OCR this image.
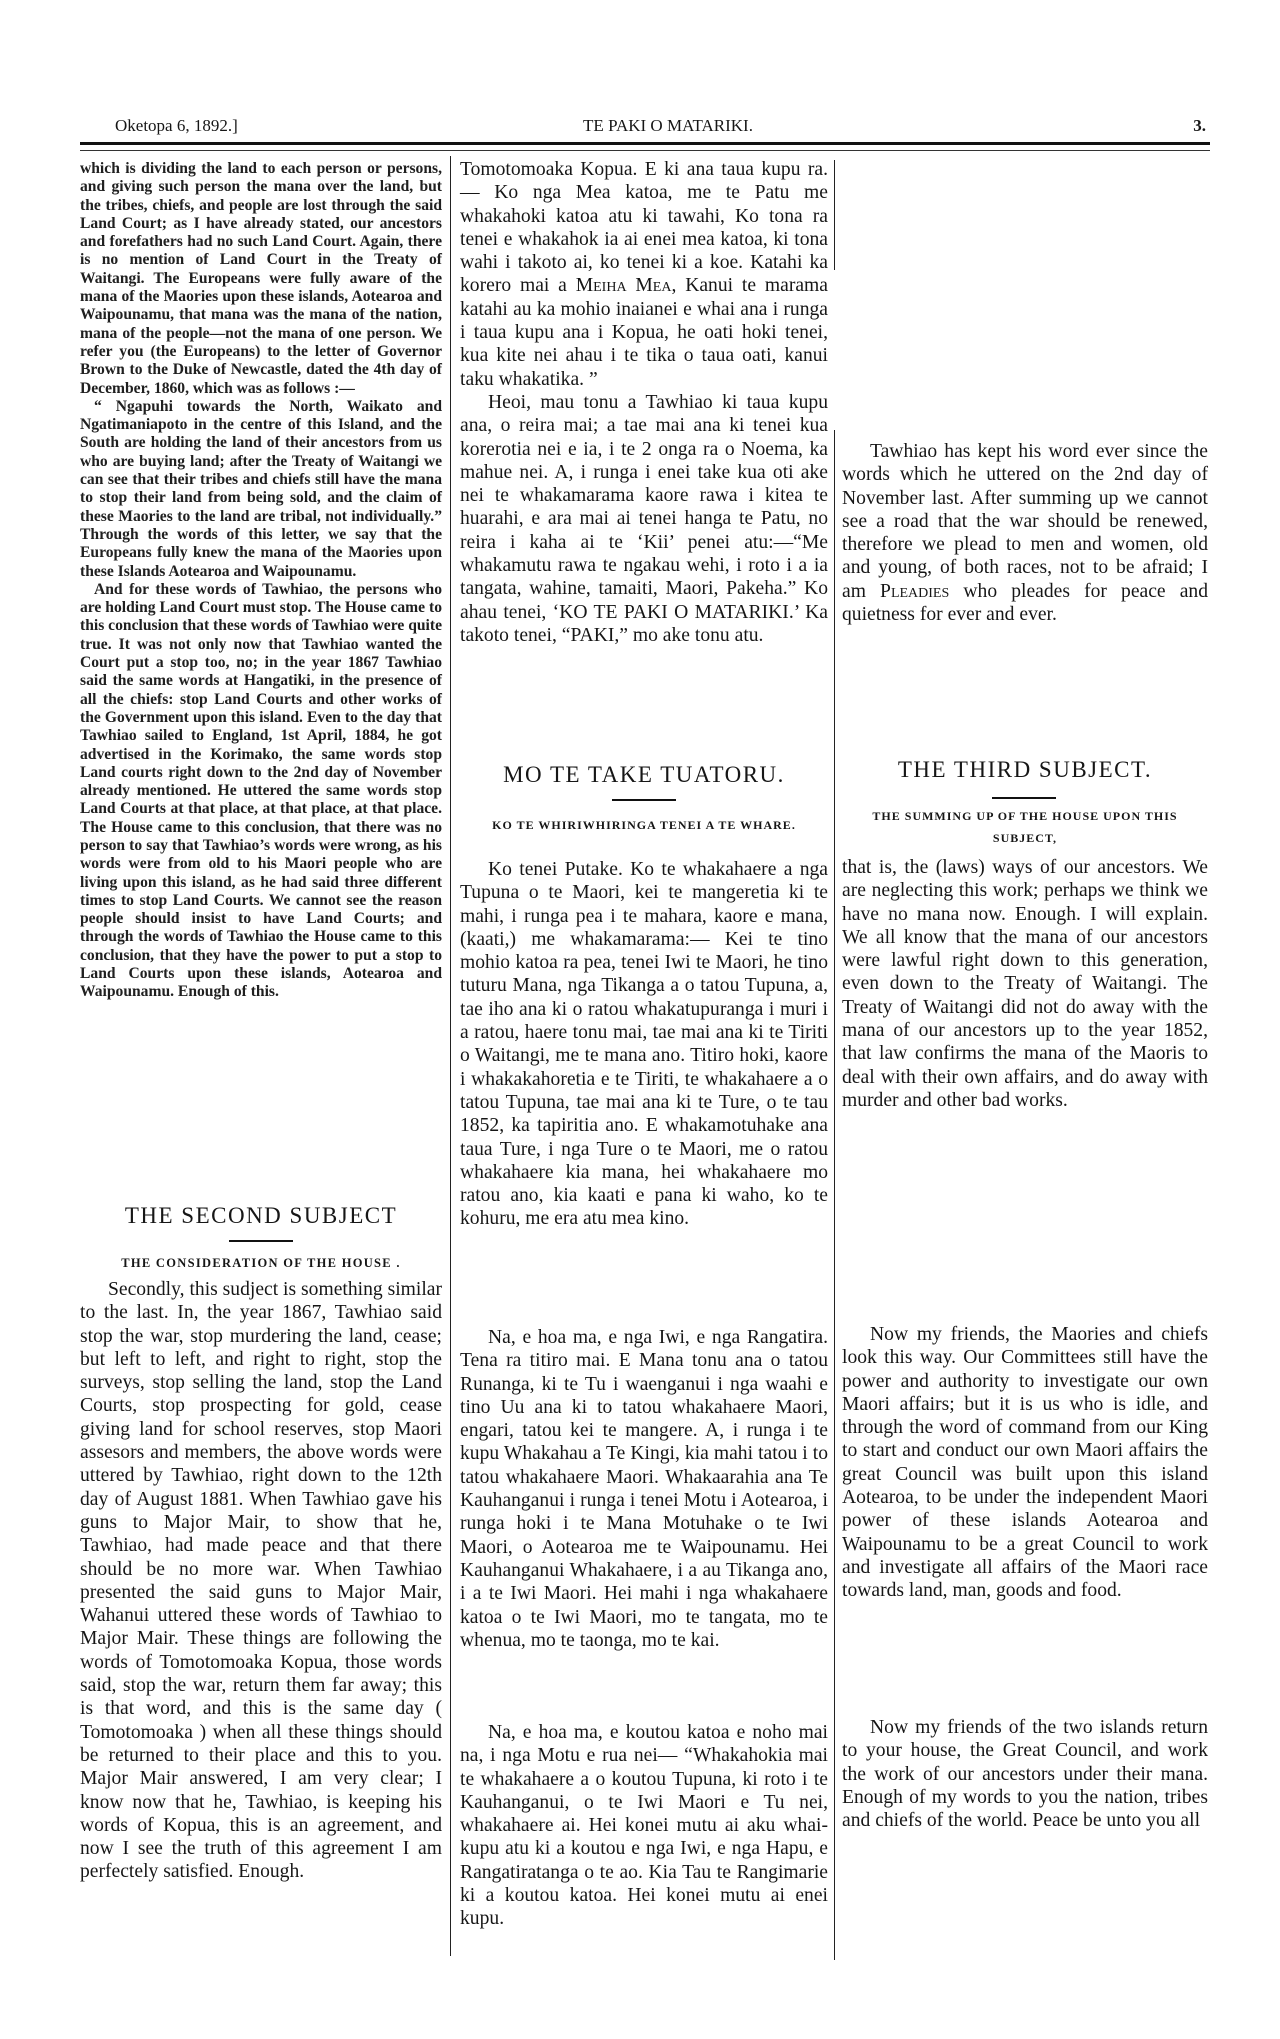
Oketopa 6, 1892.]	TE PAKI O MATARIKI.	3.

which is dividing the land to each person or persons, and giving such person the mana over the land, but the tribes, chiefs, and people are lost through the said Land Court; as I have already stated, our ancestors and forefathers had no such Land Court. Again, there is no mention of Land Court in the Treaty of Waitangi. The Europeans were fully aware of the mana of the Maories upon these islands, Aotearoa and Waipounamu, that mana was the mana of the nation, mana of the people—not the mana of one person. We refer you (the Europeans) to the letter of Governor Brown to the Duke of Newcastle, dated the 4th day of December, 1860, which was as follows :—

“ Ngapuhi towards the North, Waikato and Ngatimaniapoto in the centre of this Island, and the South are holding the land of their ancestors from us who are buying land; after the Treaty of Waitangi we can see that their tribes and chiefs still have the mana to stop their land from being sold, and the claim of these Maories to the land are tribal, not individually.” Through the words of this letter, we say that the Europeans fully knew the mana of the Maories upon these Islands Aotearoa and Waipounamu.

And for these words of Tawhiao, the persons who are holding Land Court must stop. The House came to this conclusion that these words of Tawhiao were quite true. It was not only now that Tawhiao wanted the Court put a stop too, no; in the year 1867 Tawhiao said the same words at Hangatiki, in the presence of all the chiefs: stop Land Courts and other works of the Government upon this island. Even to the day that Tawhiao sailed to England, 1st April, 1884, he got advertised in the Korimako, the same words stop Land courts right down to the 2nd day of November already mentioned. He uttered the same words stop Land Courts at that place, at that place, at that place. The House came to this conclusion, that there was no person to say that Tawhiao’s words were wrong, as his words were from old to his Maori people who are living upon this island, as he had said three different times to stop Land Courts. We cannot see the reason people should insist to have Land Courts; and through the words of Tawhiao the House came to this conclusion, that they have the power to put a stop to Land Courts upon these islands, Aotearoa and Waipounamu. Enough of this.

THE SECOND SUBJECT
THE CONSIDERATION OF THE HOUSE .

Secondly, this sudject is something similar to the last. In, the year 1867, Tawhiao said stop the war, stop murdering the land, cease; but left to left, and right to right, stop the surveys, stop selling the land, stop the Land Courts, stop prospecting for gold, cease giving land for school reserves, stop Maori assesors and members, the above words were uttered by Tawhiao, right down to the 12th day of August 1881. When Tawhiao gave his guns to Major Mair, to show that he, Tawhiao, had made peace and that there should be no more war. When Tawhiao presented the said guns to Major Mair, Wahanui uttered these words of Tawhiao to Major Mair. These things are following the words of Tomotomoaka Kopua, those words said, stop the war, return them far away; this is that word, and this is the same day ( Tomotomoaka ) when all these things should be returned to their place and this to you. Major Mair answered, I am very clear; I know now that he, Tawhiao, is keeping his words of Kopua, this is an agreement, and now I see the truth of this agreement I am perfectely satisfied. Enough.

Tomotomoaka Kopua. E ki ana taua kupu ra.— Ko nga Mea katoa, me te Patu me whakahoki katoa atu ki tawahi, Ko tona ra tenei e whakahok ia ai enei mea katoa, ki tona wahi i takoto ai, ko tenei ki a koe. Katahi ka korero mai a Meiha Mea, Kanui te marama katahi au ka mohio inaianei e whai ana i runga i taua kupu ana i Kopua, he oati hoki tenei, kua kite nei ahau i te tika o taua oati, kanui taku whakatika. ”

Heoi, mau tonu a Tawhiao ki taua kupu ana, o reira mai; a tae mai ana ki tenei kua korerotia nei e ia, i te 2 onga ra o Noema, ka mahue nei. A, i runga i enei take kua oti ake nei te whakamarama kaore rawa i kitea te huarahi, e ara mai ai tenei hanga te Patu, no reira i kaha ai te ‘Kii’ penei atu:—“Me whakamutu rawa te ngakau wehi, i roto i a ia tangata, wahine, tamaiti, Maori, Pakeha.” Ko ahau tenei, ‘KO TE PAKI O MATARIKI.’ Ka takoto tenei, “PAKI,” mo ake tonu atu.

MO TE TAKE TUATORU.
KO TE WHIRIWHIRINGA TENEI A TE WHARE.

Ko tenei Putake. Ko te whakahaere a nga Tupuna o te Maori, kei te mangeretia ki te mahi, i runga pea i te mahara, kaore e mana, (kaati,) me whakamarama:— Kei te tino mohio katoa ra pea, tenei Iwi te Maori, he tino tuturu Mana, nga Tikanga a o tatou Tupuna, a, tae iho ana ki o ratou whakatupuranga i muri i a ratou, haere tonu mai, tae mai ana ki te Tiriti o Waitangi, me te mana ano. Titiro hoki, kaore i whakakahoretia e te Tiriti, te whakahaere a o tatou Tupuna, tae mai ana ki te Ture, o te tau 1852, ka tapiritia ano. E whakamotuhake ana taua Ture, i nga Ture o te Maori, me o ratou whakahaere kia mana, hei whakahaere mo ratou ano, kia kaati e pana ki waho, ko te kohuru, me era atu mea kino.

Na, e hoa ma, e nga Iwi, e nga Rangatira. Tena ra titiro mai. E Mana tonu ana o tatou Runanga, ki te Tu i waenganui i nga waahi e tino Uu ana ki to tatou whakahaere Maori, engari, tatou kei te mangere. A, i runga i te kupu Whakahau a Te Kingi, kia mahi tatou i to tatou whakahaere Maori. Whakaarahia ana Te Kauhanganui i runga i tenei Motu i Aotearoa, i runga hoki i te Mana Motuhake o te Iwi Maori, o Aotearoa me te Waipounamu. Hei Kauhanganui Whakahaere, i a au Tikanga ano, i a te Iwi Maori. Hei mahi i nga whakahaere katoa o te Iwi Maori, mo te tangata, mo te whenua, mo te taonga, mo te kai.

Na, e hoa ma, e koutou katoa e noho mai na, i nga Motu e rua nei— “Whakahokia mai te whakahaere a o koutou Tupuna, ki roto i te Kauhanganui, o te Iwi Maori e Tu nei, whakahaere ai. Hei konei mutu ai aku whai-kupu atu ki a koutou e nga Iwi, e nga Hapu, e Rangatiratanga o te ao. Kia Tau te Rangimarie ki a koutou katoa. Hei konei mutu ai enei kupu.

Tawhiao has kept his word ever since the words which he uttered on the 2nd day of November last. After summing up we cannot see a road that the war should be renewed, therefore we plead to men and women, old and young, of both races, not to be afraid; I am Pleadies who pleades for peace and quietness for ever and ever.

THE THIRD SUBJECT.
THE SUMMING UP OF THE HOUSE UPON THIS SUBJECT,

that is, the (laws) ways of our ancestors. We are neglecting this work; perhaps we think we have no mana now. Enough. I will explain. We all know that the mana of our ancestors were lawful right down to this generation, even down to the Treaty of Waitangi. The Treaty of Waitangi did not do away with the mana of our ancestors up to the year 1852, that law confirms the mana of the Maoris to deal with their own affairs, and do away with murder and other bad works.

Now my friends, the Maories and chiefs look this way. Our Committees still have the power and authority to investigate our own Maori affairs; but it is us who is idle, and through the word of command from our King to start and conduct our own Maori affairs the great Council was built upon this island Aotearoa, to be under the independent Maori power of these islands Aotearoa and Waipounamu to be a great Council to work and investigate all affairs of the Maori race towards land, man, goods and food.

Now my friends of the two islands return to your house, the Great Council, and work the work of our ancestors under their mana. Enough of my words to you the nation, tribes and chiefs of the world. Peace be unto you all
